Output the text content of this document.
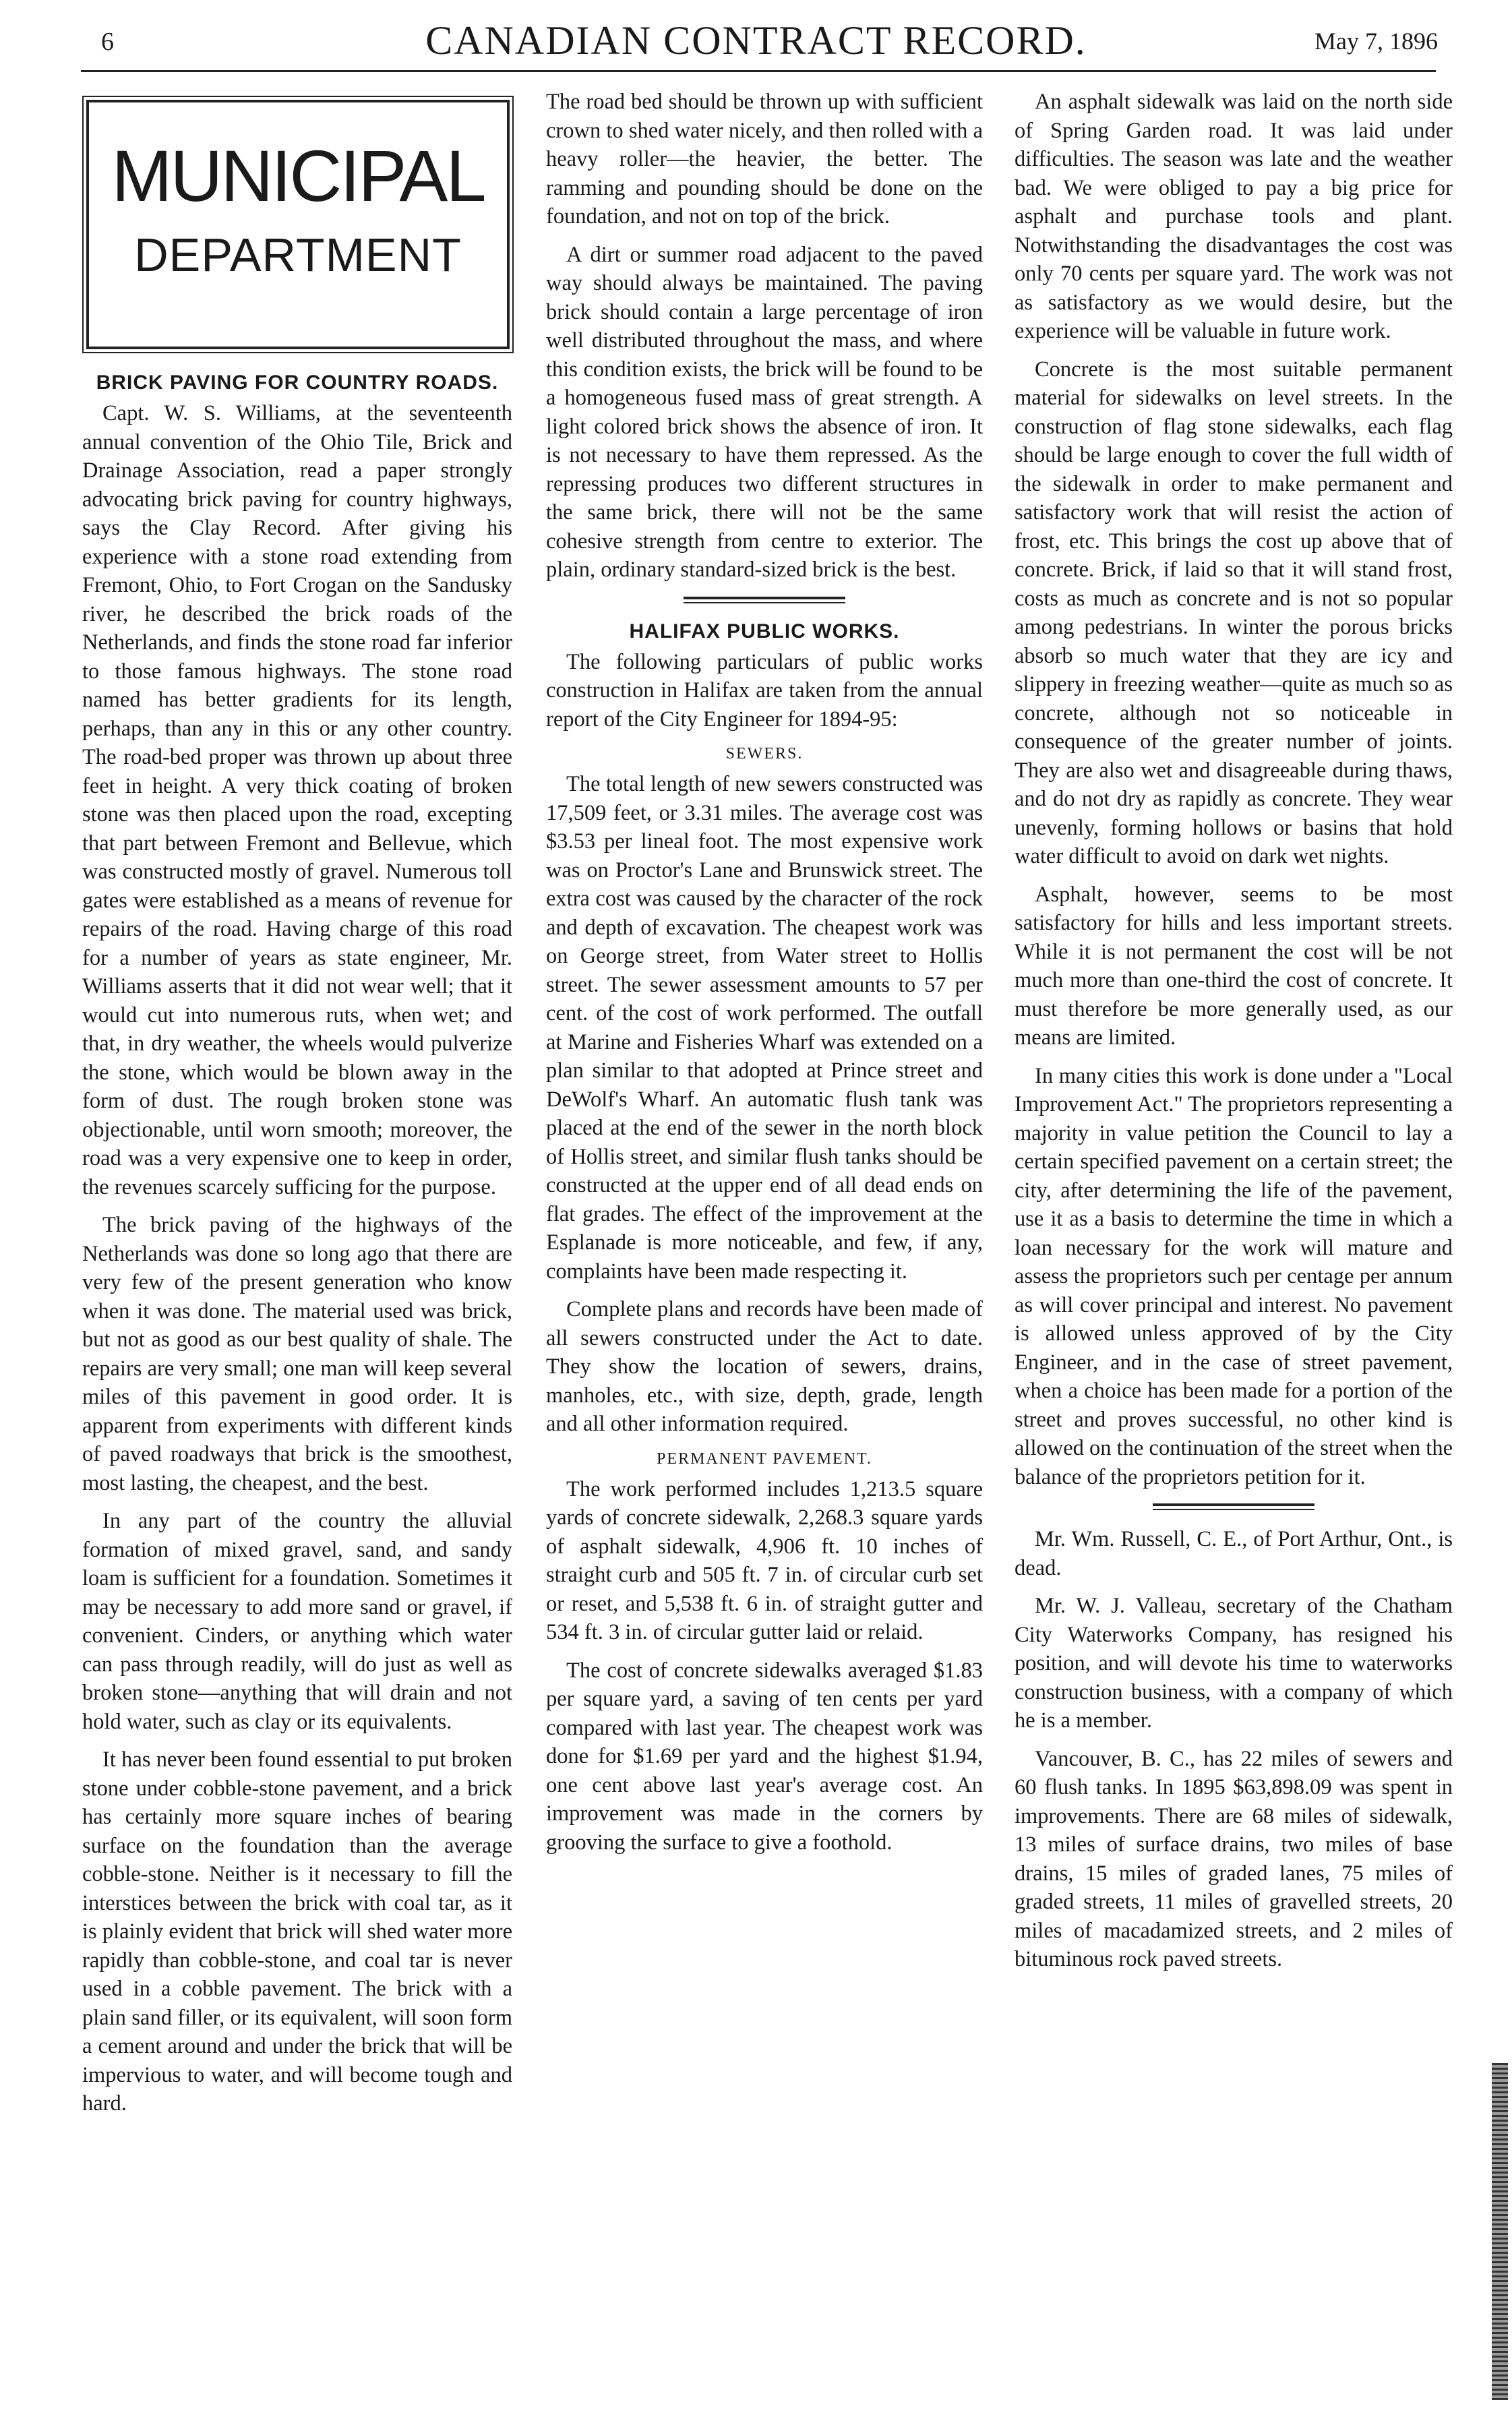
6	CANADIAN CONTRACT RECORD.	May 7, 1896
MUNICIPAL
DEPARTMENT
BRICK PAVING FOR COUNTRY ROADS.

Capt. W. S. Williams, at the seventeenth annual convention of the Ohio Tile, Brick and Drainage Association, read a paper strongly advocating brick paving for country highways, says the Clay Record. After giving his experience with a stone road extending from Fremont, Ohio, to Fort Crogan on the Sandusky river, he described the brick roads of the Netherlands, and finds the stone road far inferior to those famous highways. The stone road named has better gradients for its length, perhaps, than any in this or any other country. The road-bed proper was thrown up about three feet in height. A very thick coating of broken stone was then placed upon the road, excepting that part between Fremont and Bellevue, which was constructed mostly of gravel. Numerous toll gates were established as a means of revenue for repairs of the road. Having charge of this road for a number of years as state engineer, Mr. Williams asserts that it did not wear well; that it would cut into numerous ruts, when wet; and that, in dry weather, the wheels would pulverize the stone, which would be blown away in the form of dust. The rough broken stone was objectionable, until worn smooth; moreover, the road was a very expensive one to keep in order, the revenues scarcely sufficing for the purpose.

The brick paving of the highways of the Netherlands was done so long ago that there are very few of the present generation who know when it was done. The material used was brick, but not as good as our best quality of shale. The repairs are very small; one man will keep several miles of this pavement in good order. It is apparent from experiments with different kinds of paved roadways that brick is the smoothest, most lasting, the cheapest, and the best.

In any part of the country the alluvial formation of mixed gravel, sand, and sandy loam is sufficient for a foundation. Sometimes it may be necessary to add more sand or gravel, if convenient. Cinders, or anything which water can pass through readily, will do just as well as broken stone—anything that will drain and not hold water, such as clay or its equivalents.

It has never been found essential to put broken stone under cobble-stone pavement, and a brick has certainly more square inches of bearing surface on the foundation than the average cobble-stone. Neither is it necessary to fill the interstices between the brick with coal tar, as it is plainly evident that brick will shed water more rapidly than cobble-stone, and coal tar is never used in a cobble pavement. The brick with a plain sand filler, or its equivalent, will soon form a cement around and under the brick that will be impervious to water, and will become tough and hard.

The road bed should be thrown up with sufficient crown to shed water nicely, and then rolled with a heavy roller—the heavier, the better. The ramming and pounding should be done on the foundation, and not on top of the brick.

A dirt or summer road adjacent to the paved way should always be maintained. The paving brick should contain a large percentage of iron well distributed throughout the mass, and where this condition exists, the brick will be found to be a homogeneous fused mass of great strength. A light colored brick shows the absence of iron. It is not necessary to have them repressed. As the repressing produces two different structures in the same brick, there will not be the same cohesive strength from centre to exterior. The plain, ordinary standard-sized brick is the best.

HALIFAX PUBLIC WORKS.

The following particulars of public works construction in Halifax are taken from the annual report of the City Engineer for 1894-95:

SEWERS.

The total length of new sewers constructed was 17,509 feet, or 3.31 miles. The average cost was $3.53 per lineal foot. The most expensive work was on Proctor's Lane and Brunswick street. The extra cost was caused by the character of the rock and depth of excavation. The cheapest work was on George street, from Water street to Hollis street. The sewer assessment amounts to 57 per cent. of the cost of work performed. The outfall at Marine and Fisheries Wharf was extended on a plan similar to that adopted at Prince street and DeWolf's Wharf. An automatic flush tank was placed at the end of the sewer in the north block of Hollis street, and similar flush tanks should be constructed at the upper end of all dead ends on flat grades. The effect of the improvement at the Esplanade is more noticeable, and few, if any, complaints have been made respecting it.

Complete plans and records have been made of all sewers constructed under the Act to date. They show the location of sewers, drains, manholes, etc., with size, depth, grade, length and all other information required.

PERMANENT PAVEMENT.

The work performed includes 1,213.5 square yards of concrete sidewalk, 2,268.3 square yards of asphalt sidewalk, 4,906 ft. 10 inches of straight curb and 505 ft. 7 in. of circular curb set or reset, and 5,538 ft. 6 in. of straight gutter and 534 ft. 3 in. of circular gutter laid or relaid.

The cost of concrete sidewalks averaged $1.83 per square yard, a saving of ten cents per yard compared with last year. The cheapest work was done for $1.69 per yard and the highest $1.94, one cent above last year's average cost. An improvement was made in the corners by grooving the surface to give a foothold.

An asphalt sidewalk was laid on the north side of Spring Garden road. It was laid under difficulties. The season was late and the weather bad. We were obliged to pay a big price for asphalt and purchase tools and plant. Notwithstanding the disadvantages the cost was only 70 cents per square yard. The work was not as satisfactory as we would desire, but the experience will be valuable in future work.

Concrete is the most suitable permanent material for sidewalks on level streets. In the construction of flag stone sidewalks, each flag should be large enough to cover the full width of the sidewalk in order to make permanent and satisfactory work that will resist the action of frost, etc. This brings the cost up above that of concrete. Brick, if laid so that it will stand frost, costs as much as concrete and is not so popular among pedestrians. In winter the porous bricks absorb so much water that they are icy and slippery in freezing weather—quite as much so as concrete, although not so noticeable in consequence of the greater number of joints. They are also wet and disagreeable during thaws, and do not dry as rapidly as concrete. They wear unevenly, forming hollows or basins that hold water difficult to avoid on dark wet nights.

Asphalt, however, seems to be most satisfactory for hills and less important streets. While it is not permanent the cost will be not much more than one-third the cost of concrete. It must therefore be more generally used, as our means are limited.

In many cities this work is done under a "Local Improvement Act." The proprietors representing a majority in value petition the Council to lay a certain specified pavement on a certain street; the city, after determining the life of the pavement, use it as a basis to determine the time in which a loan necessary for the work will mature and assess the proprietors such per centage per annum as will cover principal and interest. No pavement is allowed unless approved of by the City Engineer, and in the case of street pavement, when a choice has been made for a portion of the street and proves successful, no other kind is allowed on the continuation of the street when the balance of the proprietors petition for it.

Mr. Wm. Russell, C. E., of Port Arthur, Ont., is dead.

Mr. W. J. Valleau, secretary of the Chatham City Waterworks Company, has resigned his position, and will devote his time to waterworks construction business, with a company of which he is a member.

Vancouver, B. C., has 22 miles of sewers and 60 flush tanks. In 1895 $63,898.09 was spent in improvements. There are 68 miles of sidewalk, 13 miles of surface drains, two miles of base drains, 15 miles of graded lanes, 75 miles of graded streets, 11 miles of gravelled streets, 20 miles of macadamized streets, and 2 miles of bituminous rock paved streets.
